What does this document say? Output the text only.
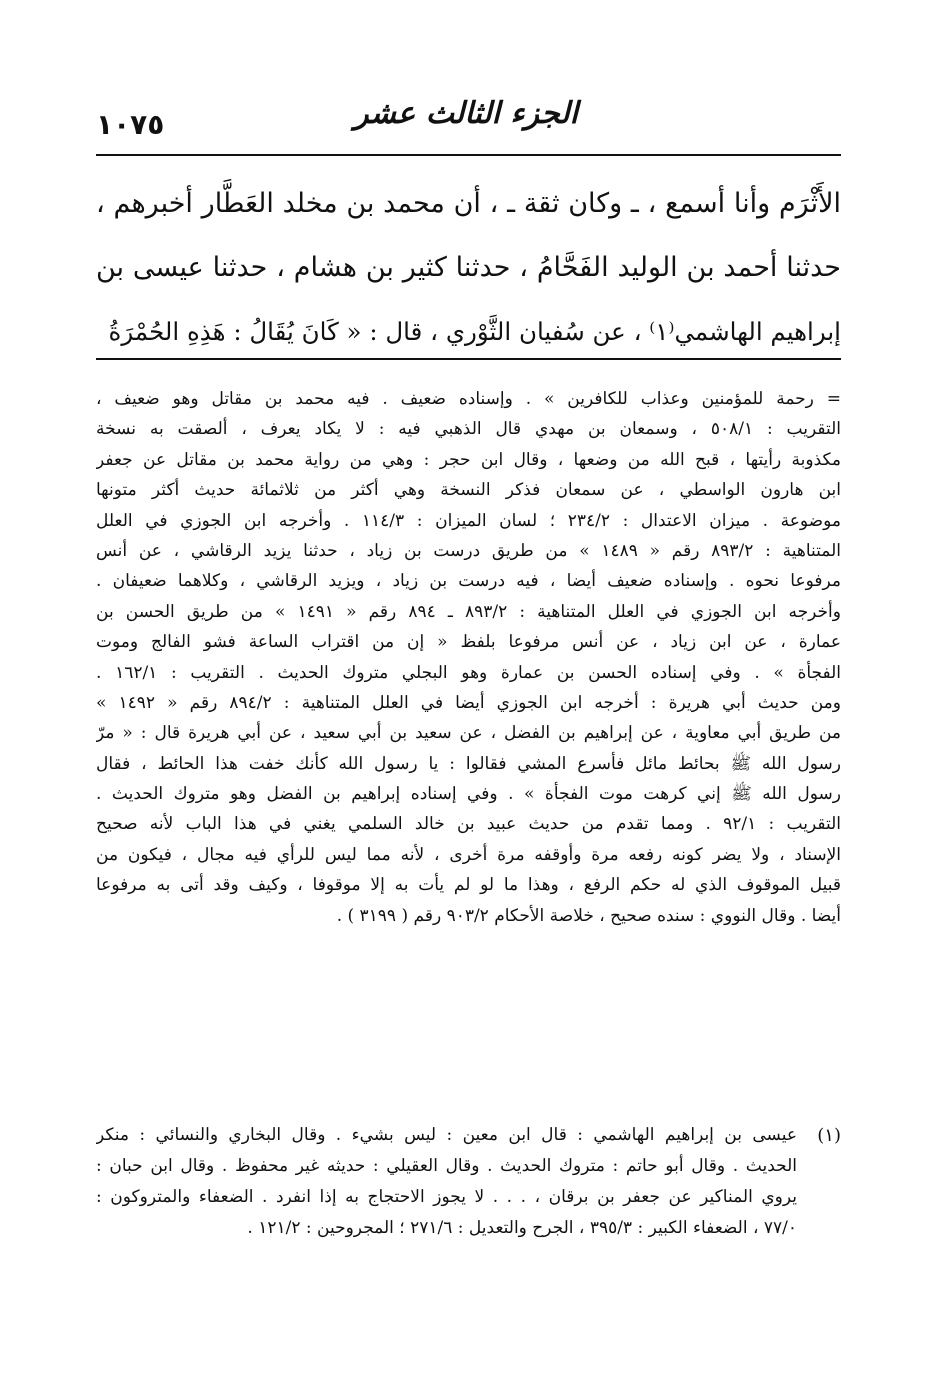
الجزء الثالث عشر
١٠٧٥
الأَثْرَم وأنا أسمع ، ـ وكان ثقة ـ ، أن محمد بن مخلد العَطَّار أخبرهم ،
حدثنا أحمد بن الوليد الفَحَّامُ ، حدثنا كثير بن هشام ، حدثنا عيسى بن
إبراهيم الهاشمي⁽١⁾ ، عن سُفيان الثَّوْري ، قال : « كَانَ يُقَالُ : هَذِهِ الحُمْرَةُ
= رحمة للمؤمنين وعذاب للكافرين » . وإسناده ضعيف . فيه محمد بن مقاتل وهو ضعيف ،
التقريب : ٥٠٨/١ ، وسمعان بن مهدي قال الذهبي فيه : لا يكاد يعرف ، ألصقت به نسخة
مكذوبة رأيتها ، قبح الله من وضعها ، وقال ابن حجر : وهي من رواية محمد بن مقاتل عن جعفر
ابن هارون الواسطي ، عن سمعان فذكر النسخة وهي أكثر من ثلاثمائة حديث أكثر متونها
موضوعة . ميزان الاعتدال : ٢٣٤/٢ ؛ لسان الميزان : ١١٤/٣ . وأخرجه ابن الجوزي في العلل
المتناهية : ٨٩٣/٢ رقم « ١٤٨٩ » من طريق درست بن زياد ، حدثنا يزيد الرقاشي ، عن أنس
مرفوعا نحوه . وإسناده ضعيف أيضا ، فيه درست بن زياد ، ويزيد الرقاشي ، وكلاهما ضعيفان .
وأخرجه ابن الجوزي في العلل المتناهية : ٨٩٣/٢ ـ ٨٩٤ رقم « ١٤٩١ » من طريق الحسن بن
عمارة ، عن ابن زياد ، عن أنس مرفوعا بلفظ « إن من اقتراب الساعة فشو الفالج وموت
الفجأة » . وفي إسناده الحسن بن عمارة وهو البجلي متروك الحديث . التقريب : ١٦٢/١ .
ومن حديث أبي هريرة : أخرجه ابن الجوزي أيضا في العلل المتناهية : ٨٩٤/٢ رقم « ١٤٩٢ »
من طريق أبي معاوية ، عن إبراهيم بن الفضل ، عن سعيد بن أبي سعيد ، عن أبي هريرة قال : « مرّ
رسول الله ﷺ بحائط مائل فأسرع المشي فقالوا : يا رسول الله كأنك خفت هذا الحائط ، فقال
رسول الله ﷺ إني كرهت موت الفجأة » . وفي إسناده إبراهيم بن الفضل وهو متروك الحديث .
التقريب : ٩٢/١ . ومما تقدم من حديث عبيد بن خالد السلمي يغني في هذا الباب لأنه صحيح
الإسناد ، ولا يضر كونه رفعه مرة وأوقفه مرة أخرى ، لأنه مما ليس للرأي فيه مجال ، فيكون من
قبيل الموقوف الذي له حكم الرفع ، وهذا ما لو لم يأت به إلا موقوفا ، وكيف وقد أتى به مرفوعا
أيضا . وقال النووي : سنده صحيح ، خلاصة الأحكام ٩٠٣/٢ رقم ( ٣١٩٩ ) .
(١)
عيسى بن إبراهيم الهاشمي : قال ابن معين : ليس بشيء . وقال البخاري والنسائي : منكر
الحديث . وقال أبو حاتم : متروك الحديث . وقال العقيلي : حديثه غير محفوظ . وقال ابن حبان :
يروي المناكير عن جعفر بن برقان ، . . . لا يجوز الاحتجاج به إذا انفرد . الضعفاء والمتروكون :
٧٧/٠ ، الضعفاء الكبير : ٣٩٥/٣ ، الجرح والتعديل : ٢٧١/٦ ؛ المجروحين : ١٢١/٢ .
